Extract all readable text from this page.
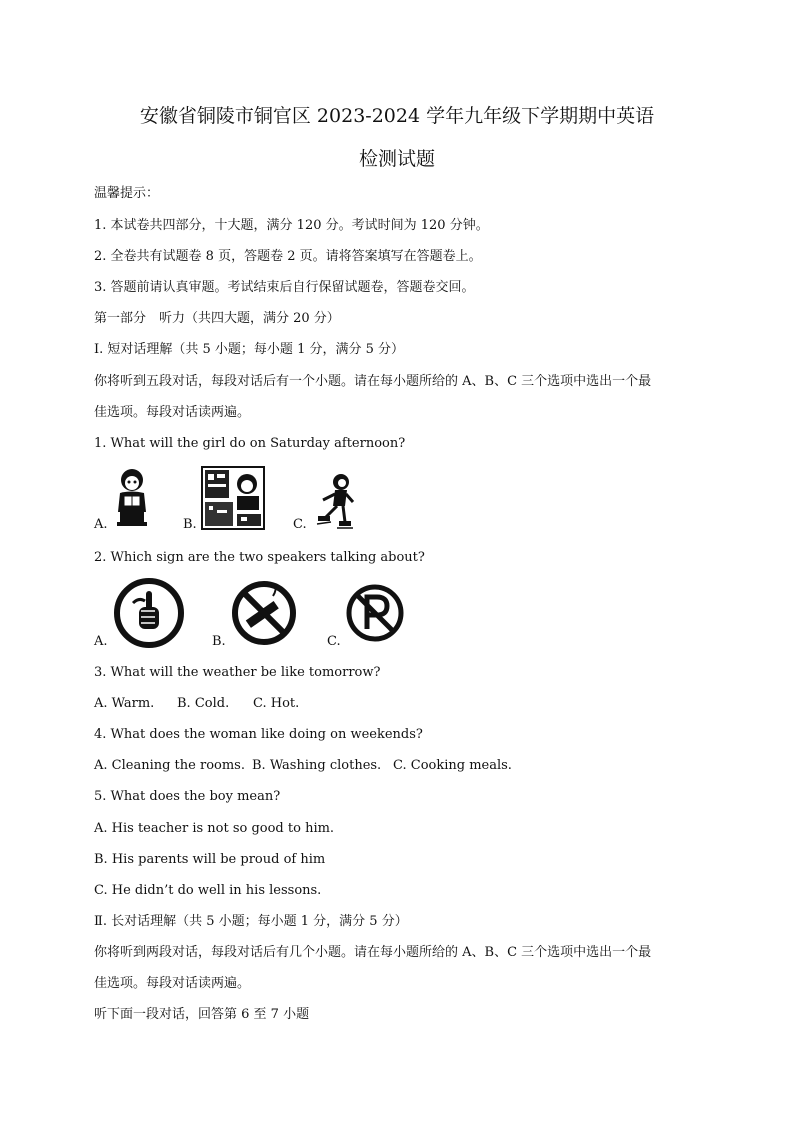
安徽省铜陵市铜官区 2023-2024 学年九年级下学期期中英语
检测试题
温馨提示：
1. 本试卷共四部分，十大题，满分 120 分。考试时间为 120 分钟。
2. 全卷共有试题卷 8 页，答题卷 2 页。请将答案填写在答题卷上。
3. 答题前请认真审题。考试结束后自行保留试题卷，答题卷交回。
第一部分　听力（共四大题，满分 20 分）
Ⅰ. 短对话理解（共 5 小题；每小题 1 分，满分 5 分）
你将听到五段对话，每段对话后有一个小题。请在每小题所给的 A、B、C 三个选项中选出一个最
佳选项。每段对话读两遍。
1. What will the girl do on Saturday afternoon?
A.	B.	C.
2. Which sign are the two speakers talking about?
A.	B.	C.
3. What will the weather be like tomorrow?
A. Warm. B. Cold. C. Hot.
4. What does the woman like doing on weekends?
A. Cleaning the rooms. B. Washing clothes. C. Cooking meals.
5. What does the boy mean?
A. His teacher is not so good to him.
B. His parents will be proud of him
C. He didn’t do well in his lessons.
Ⅱ. 长对话理解（共 5 小题；每小题 1 分，满分 5 分）
你将听到两段对话，每段对话后有几个小题。请在每小题所给的 A、B、C 三个选项中选出一个最
佳选项。每段对话读两遍。
听下面一段对话，回答第 6 至 7 小题
